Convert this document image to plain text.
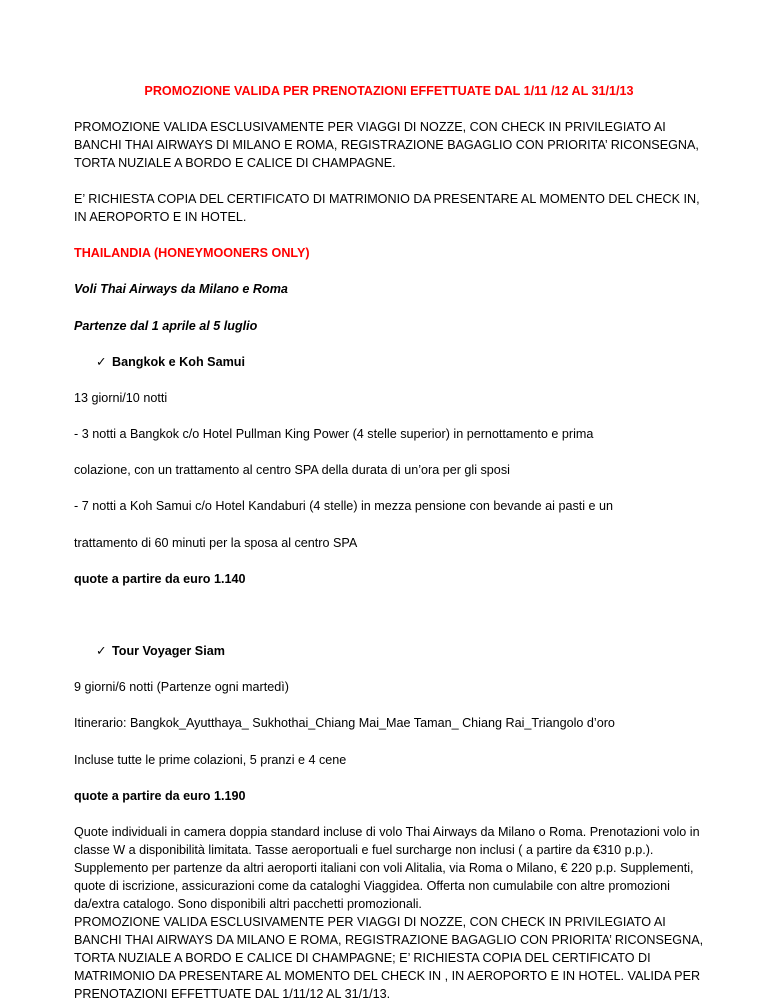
PROMOZIONE VALIDA PER PRENOTAZIONI EFFETTUATE DAL 1/11 /12 AL 31/1/13

PROMOZIONE VALIDA ESCLUSIVAMENTE PER VIAGGI DI NOZZE, CON CHECK IN PRIVILEGIATO AI BANCHI THAI AIRWAYS DI MILANO E ROMA, REGISTRAZIONE BAGAGLIO CON PRIORITA’ RICONSEGNA, TORTA NUZIALE A BORDO E CALICE DI CHAMPAGNE.

E’ RICHIESTA COPIA DEL CERTIFICATO DI MATRIMONIO DA PRESENTARE AL MOMENTO DEL CHECK IN, IN AEROPORTO E IN HOTEL.

THAILANDIA (HONEYMOONERS ONLY)

Voli Thai Airways da Milano e Roma

Partenze dal 1 aprile al 5 luglio

✓ Bangkok e Koh Samui

13 giorni/10 notti

- 3 notti a Bangkok c/o Hotel Pullman King Power (4 stelle superior) in pernottamento e prima

colazione, con un trattamento al centro SPA della durata di un’ora per gli sposi

- 7 notti a Koh Samui c/o Hotel Kandaburi (4 stelle) in mezza pensione con bevande ai pasti e un

trattamento di 60 minuti per la sposa al centro SPA

quote a partire da euro 1.140

✓ Tour Voyager Siam

9 giorni/6 notti (Partenze ogni martedì)

Itinerario: Bangkok_Ayutthaya_ Sukhothai_Chiang Mai_Mae Taman_ Chiang Rai_Triangolo d’oro

Incluse tutte le prime colazioni, 5 pranzi e 4 cene

quote a partire da euro 1.190

Quote individuali in camera doppia standard incluse di volo Thai Airways da Milano o Roma. Prenotazioni volo in classe W a disponibilità limitata. Tasse aeroportuali e fuel surcharge non inclusi ( a partire da €310 p.p.). Supplemento per partenze da altri aeroporti italiani con voli Alitalia, via Roma o Milano, € 220 p.p. Supplementi, quote di iscrizione, assicurazioni come da cataloghi Viaggidea. Offerta non cumulabile con altre promozioni da/extra catalogo. Sono disponibili altri pacchetti promozionali.

PROMOZIONE VALIDA ESCLUSIVAMENTE PER VIAGGI DI NOZZE, CON CHECK IN PRIVILEGIATO AI BANCHI THAI AIRWAYS DA MILANO E ROMA, REGISTRAZIONE BAGAGLIO CON PRIORITA’ RICONSEGNA, TORTA NUZIALE A BORDO E CALICE DI CHAMPAGNE; E’ RICHIESTA COPIA DEL CERTIFICATO DI MATRIMONIO DA PRESENTARE AL MOMENTO DEL CHECK IN , IN AEROPORTO E IN HOTEL. VALIDA PER PRENOTAZIONI EFFETTUATE DAL 1/11/12 AL 31/1/13.
